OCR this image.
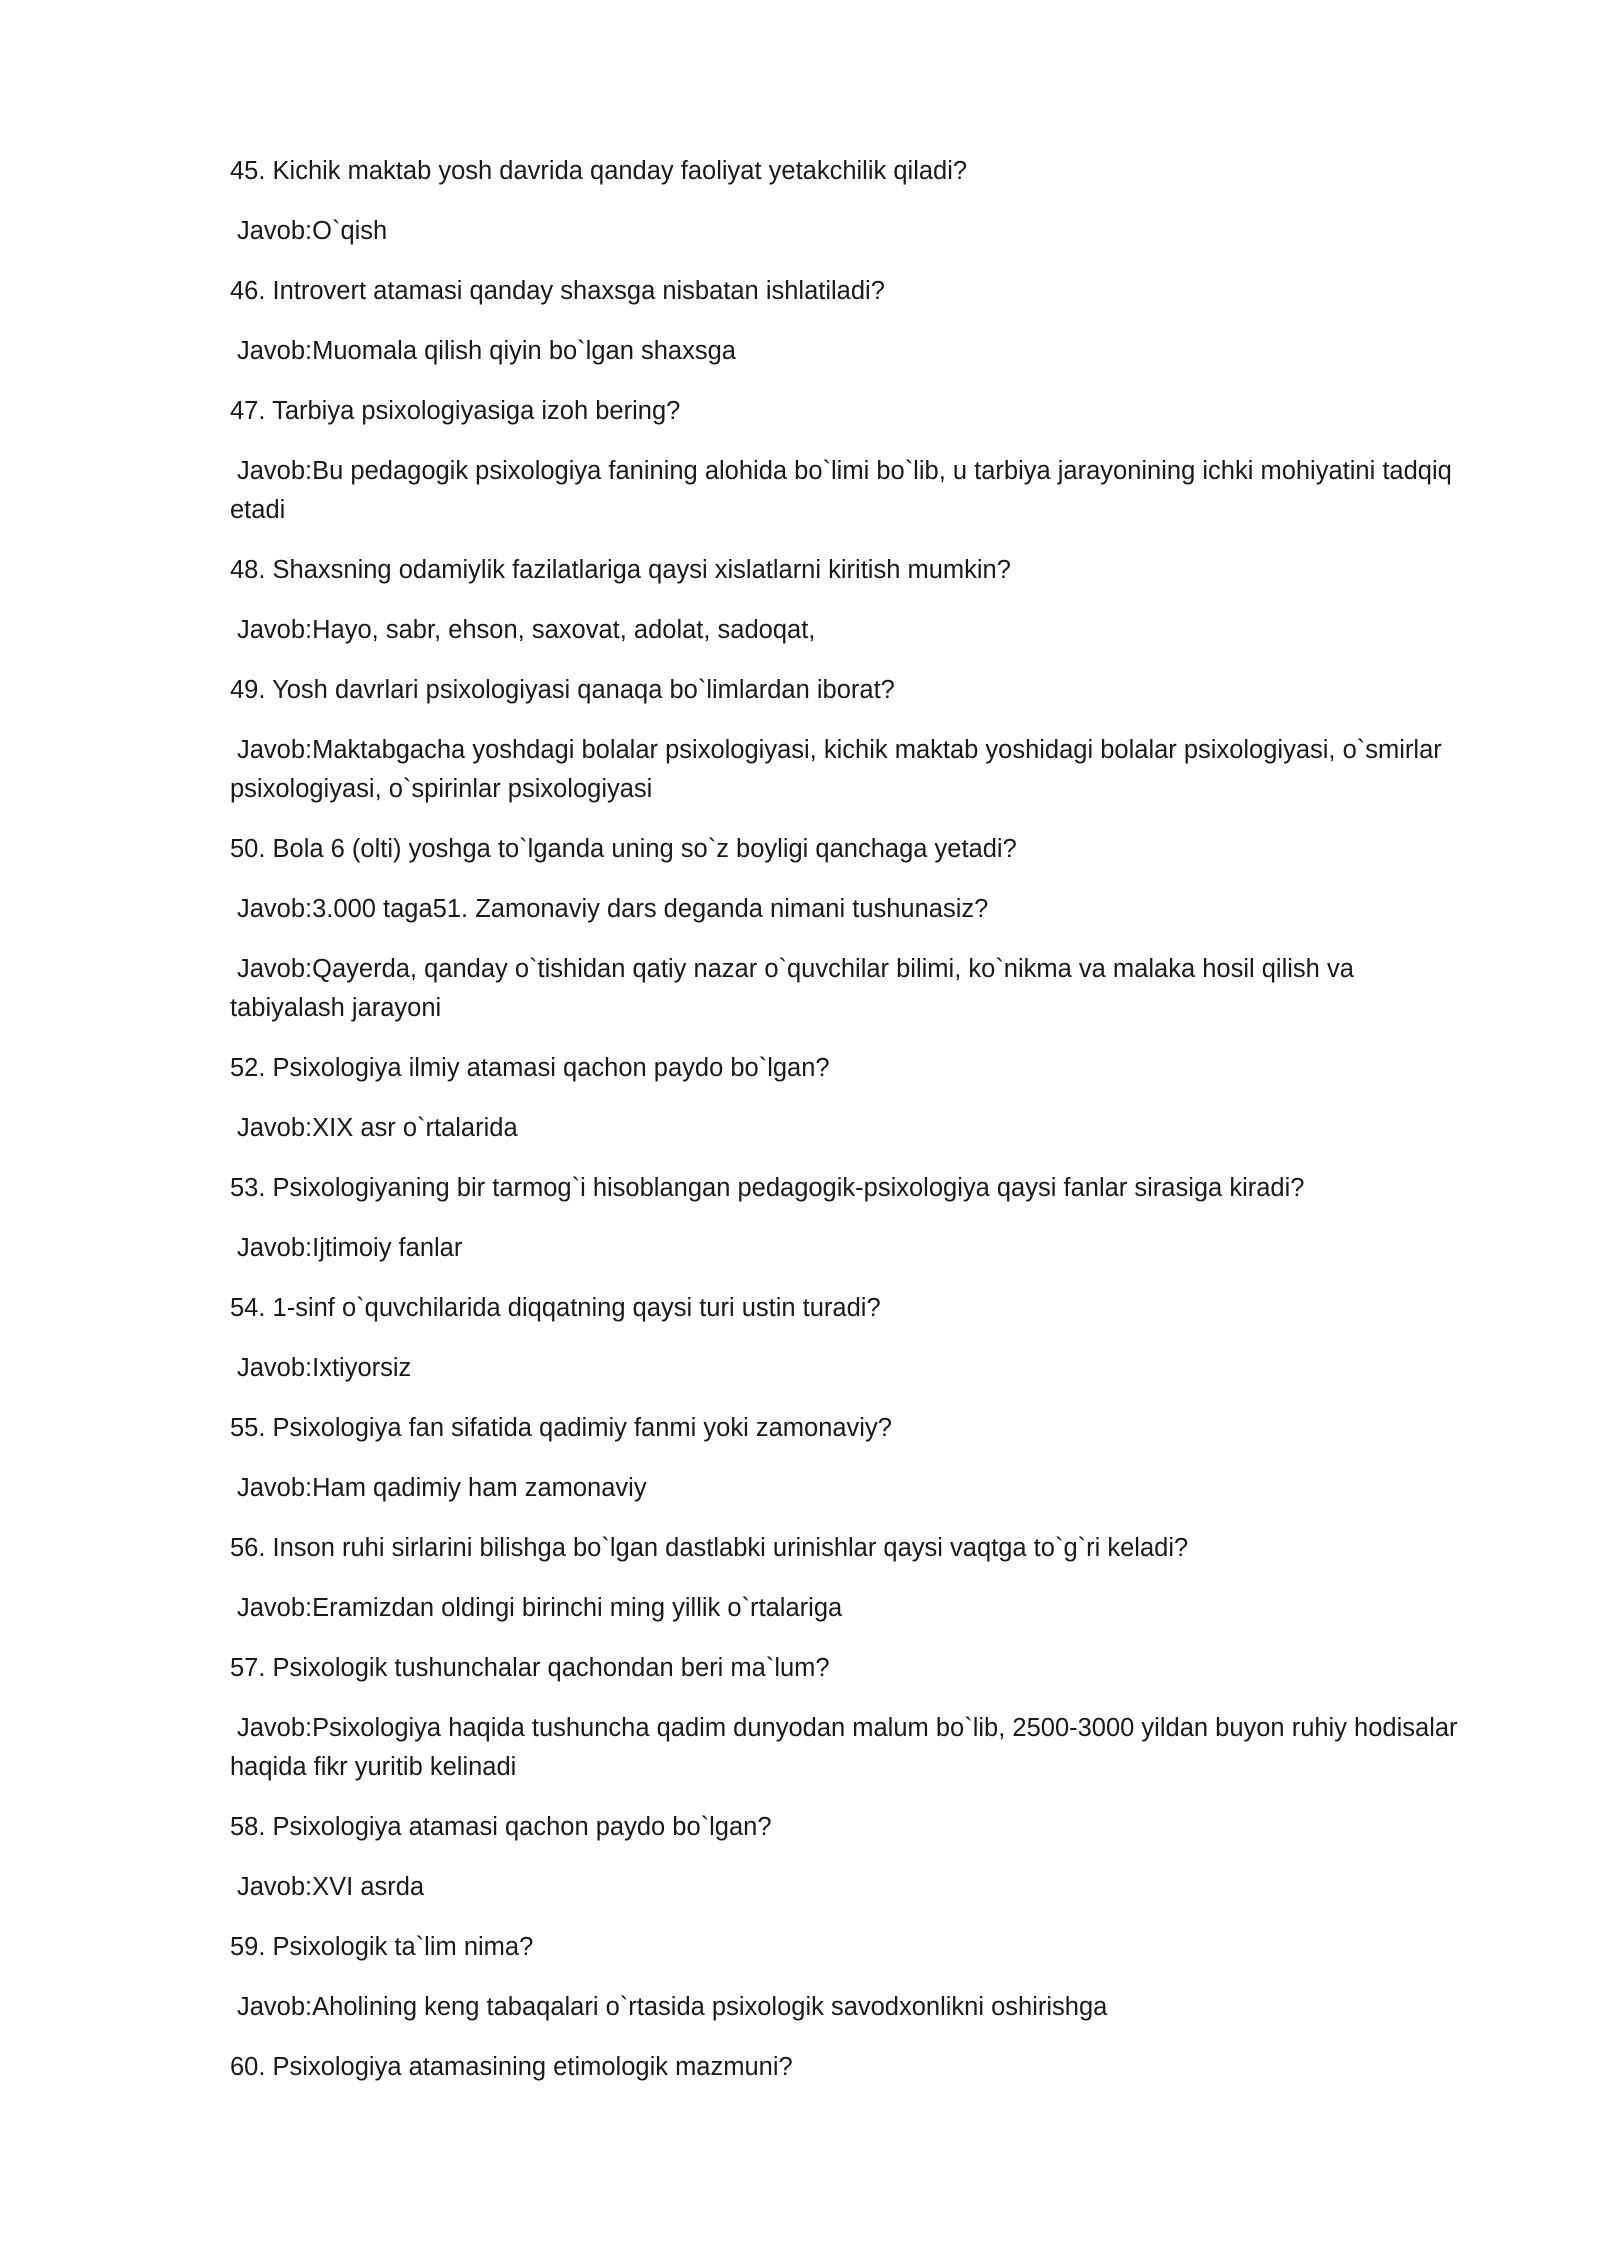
45. Kichik maktab yosh davrida qanday faoliyat yetakchilik qiladi?

Javob:O`qish

46. Introvert atamasi qanday shaxsga nisbatan ishlatiladi?

Javob:Muomala qilish qiyin bo`lgan shaxsga

47. Tarbiya psixologiyasiga izoh bering?

Javob:Bu pedagogik psixologiya fanining alohida bo`limi bo`lib, u tarbiya jarayonining ichki mohiyatini tadqiq etadi

48. Shaxsning odamiylik fazilatlariga qaysi xislatlarni kiritish mumkin?

Javob:Hayo, sabr, ehson, saxovat, adolat, sadoqat,

49. Yosh davrlari psixologiyasi qanaqa bo`limlardan iborat?

Javob:Maktabgacha yoshdagi bolalar psixologiyasi, kichik maktab yoshidagi bolalar psixologiyasi, o`smirlar psixologiyasi, o`spirinlar psixologiyasi

50. Bola 6 (olti) yoshga to`lganda uning so`z boyligi qanchaga yetadi?

Javob:3.000 taga51. Zamonaviy dars deganda nimani tushunasiz?

Javob:Qayerda, qanday o`tishidan qatiy nazar o`quvchilar bilimi, ko`nikma va malaka hosil qilish va tabiyalash jarayoni

52. Psixologiya ilmiy atamasi qachon paydo bo`lgan?

Javob:XIX asr o`rtalarida

53. Psixologiyaning bir tarmog`i hisoblangan pedagogik-psixologiya qaysi fanlar sirasiga kiradi?

Javob:Ijtimoiy fanlar

54. 1-sinf o`quvchilarida diqqatning qaysi turi ustin turadi?

Javob:Ixtiyorsiz

55. Psixologiya fan sifatida qadimiy fanmi yoki zamonaviy?

Javob:Ham qadimiy ham zamonaviy

56. Inson ruhi sirlarini bilishga bo`lgan dastlabki urinishlar qaysi vaqtga to`g`ri keladi?

Javob:Eramizdan oldingi birinchi ming yillik o`rtalariga

57. Psixologik tushunchalar qachondan beri ma`lum?

Javob:Psixologiya haqida tushuncha qadim dunyodan malum bo`lib, 2500-3000 yildan buyon ruhiy hodisalar haqida fikr yuritib kelinadi

58. Psixologiya atamasi qachon paydo bo`lgan?

Javob:XVI asrda

59. Psixologik ta`lim nima?

Javob:Aholining keng tabaqalari o`rtasida psixologik savodxonlikni oshirishga

60. Psixologiya atamasining etimologik mazmuni?
